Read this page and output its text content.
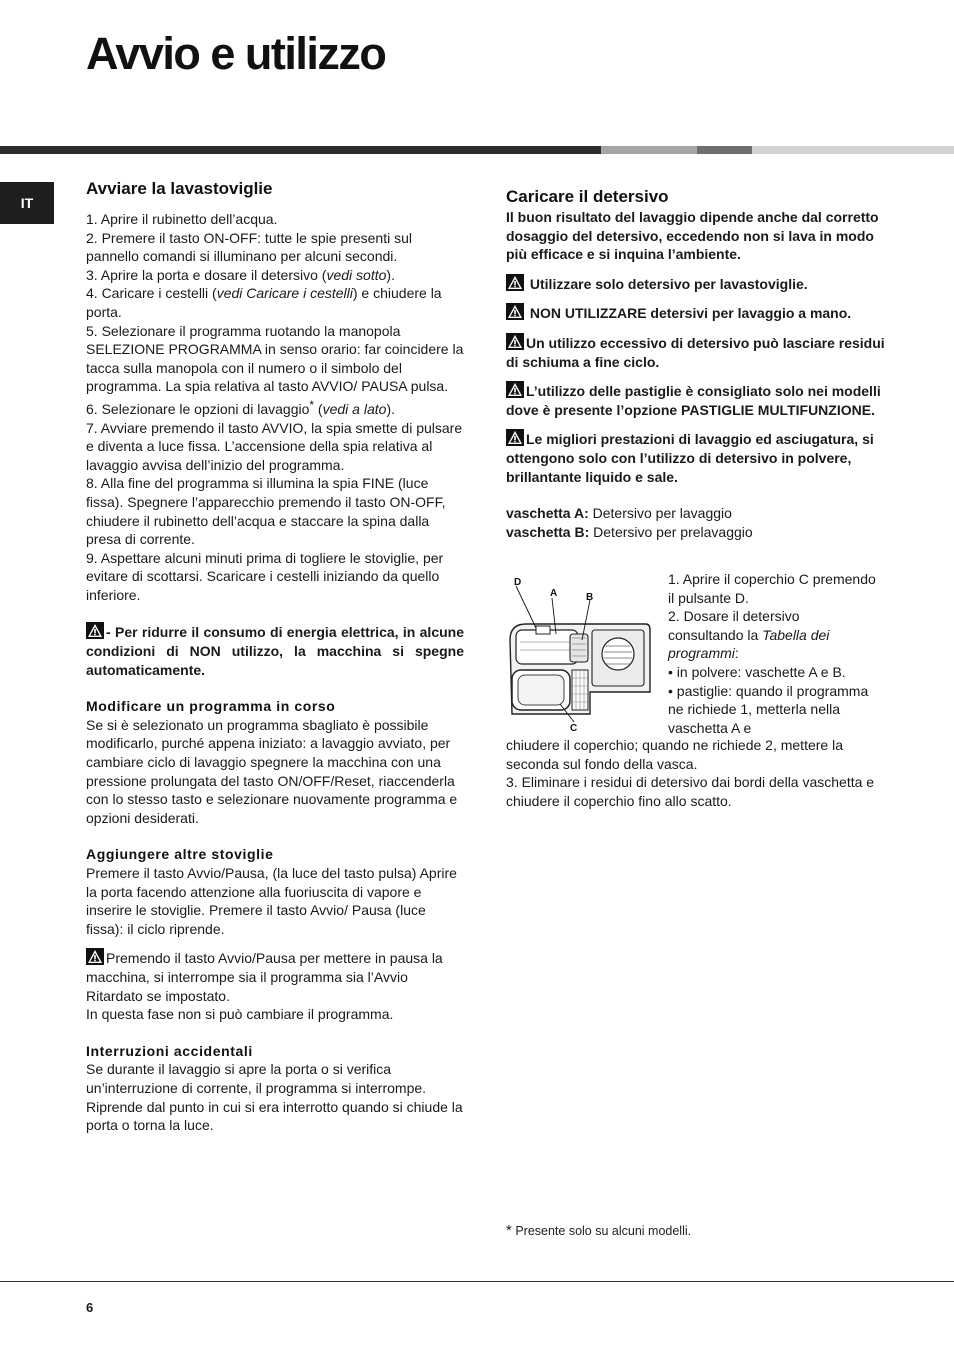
Avvio e utilizzo
IT
Avviare la lavastoviglie

1. Aprire il rubinetto dell’acqua.

2. Premere il tasto ON-OFF: tutte le spie presenti sul pannello comandi si illuminano per alcuni secondi.

3. Aprire la porta e dosare il detersivo (vedi sotto).

4. Caricare i cestelli (vedi Caricare i cestelli) e chiudere la porta.

5. Selezionare il programma ruotando la manopola SELEZIONE PROGRAMMA in senso orario: far coincidere la tacca sulla manopola con il numero o il simbolo del programma. La spia relativa al tasto AVVIO/ PAUSA pulsa.

6. Selezionare le opzioni di lavaggio* (vedi a lato).

7. Avviare premendo il tasto AVVIO, la spia smette di pulsare e diventa a luce fissa. L’accensione della spia relativa al lavaggio avvisa dell’inizio del programma.

8. Alla fine del programma si illumina la spia FINE (luce fissa). Spegnere l’apparecchio premendo il tasto ON-OFF, chiudere il rubinetto dell’acqua e staccare la spina dalla presa di corrente.

9. Aspettare alcuni minuti prima di togliere le stoviglie, per evitare di scottarsi. Scaricare i cestelli iniziando da quello inferiore.

- Per ridurre il consumo di energia elettrica, in alcune condizioni di NON utilizzo, la macchina si spegne automaticamente.

Modificare un programma in corso

Se si è selezionato un programma sbagliato è possibile modificarlo, purché appena iniziato: a lavaggio avviato, per cambiare ciclo di lavaggio spegnere la macchina con una pressione prolungata del tasto ON/OFF/Reset, riaccenderla con lo stesso tasto e selezionare nuovamente programma e opzioni desiderati.

Aggiungere altre stoviglie

Premere il tasto Avvio/Pausa, (la luce del tasto pulsa) Aprire la porta facendo attenzione alla fuoriuscita di vapore e inserire le stoviglie. Premere il tasto Avvio/ Pausa (luce fissa): il ciclo riprende.

Premendo il tasto Avvio/Pausa per mettere in pausa la macchina, si interrompe sia il programma sia l’Avvio Ritardato se impostato.

In questa fase non si può cambiare il programma.

Interruzioni accidentali

Se durante il lavaggio si apre la porta o si verifica un’interruzione di corrente, il programma si interrompe. Riprende dal punto in cui si era interrotto quando si chiude la porta o torna la luce.

Caricare il detersivo

Il buon risultato del lavaggio dipende anche dal corretto dosaggio del detersivo, eccedendo non si lava in modo più efficace e si inquina l’ambiente.

Utilizzare solo detersivo per lavastoviglie.

NON UTILIZZARE detersivi per lavaggio a mano.

Un utilizzo eccessivo di detersivo può lasciare residui di schiuma a fine ciclo.

L’utilizzo delle pastiglie è consigliato solo nei modelli dove è presente l’opzione PASTIGLIE MULTIFUNZIONE.

Le migliori prestazioni di lavaggio ed asciugatura, si ottengono solo con l’utilizzo di detersivo in polvere, brillantante liquido e sale.

vaschetta A: Detersivo per lavaggio

vaschetta B: Detersivo per prelavaggio

D
A	B
C

1. Aprire il coperchio C premendo il pulsante D.

2. Dosare il detersivo consultando la Tabella dei programmi:

• in polvere: vaschette A e B.

• pastiglie: quando il programma ne richiede 1, metterla nella vaschetta A e

chiudere il coperchio; quando ne richiede 2, mettere la seconda sul fondo della vasca.

3. Eliminare i residui di detersivo dai bordi della vaschetta e chiudere il coperchio fino allo scatto.

* Presente solo su alcuni modelli.
6
